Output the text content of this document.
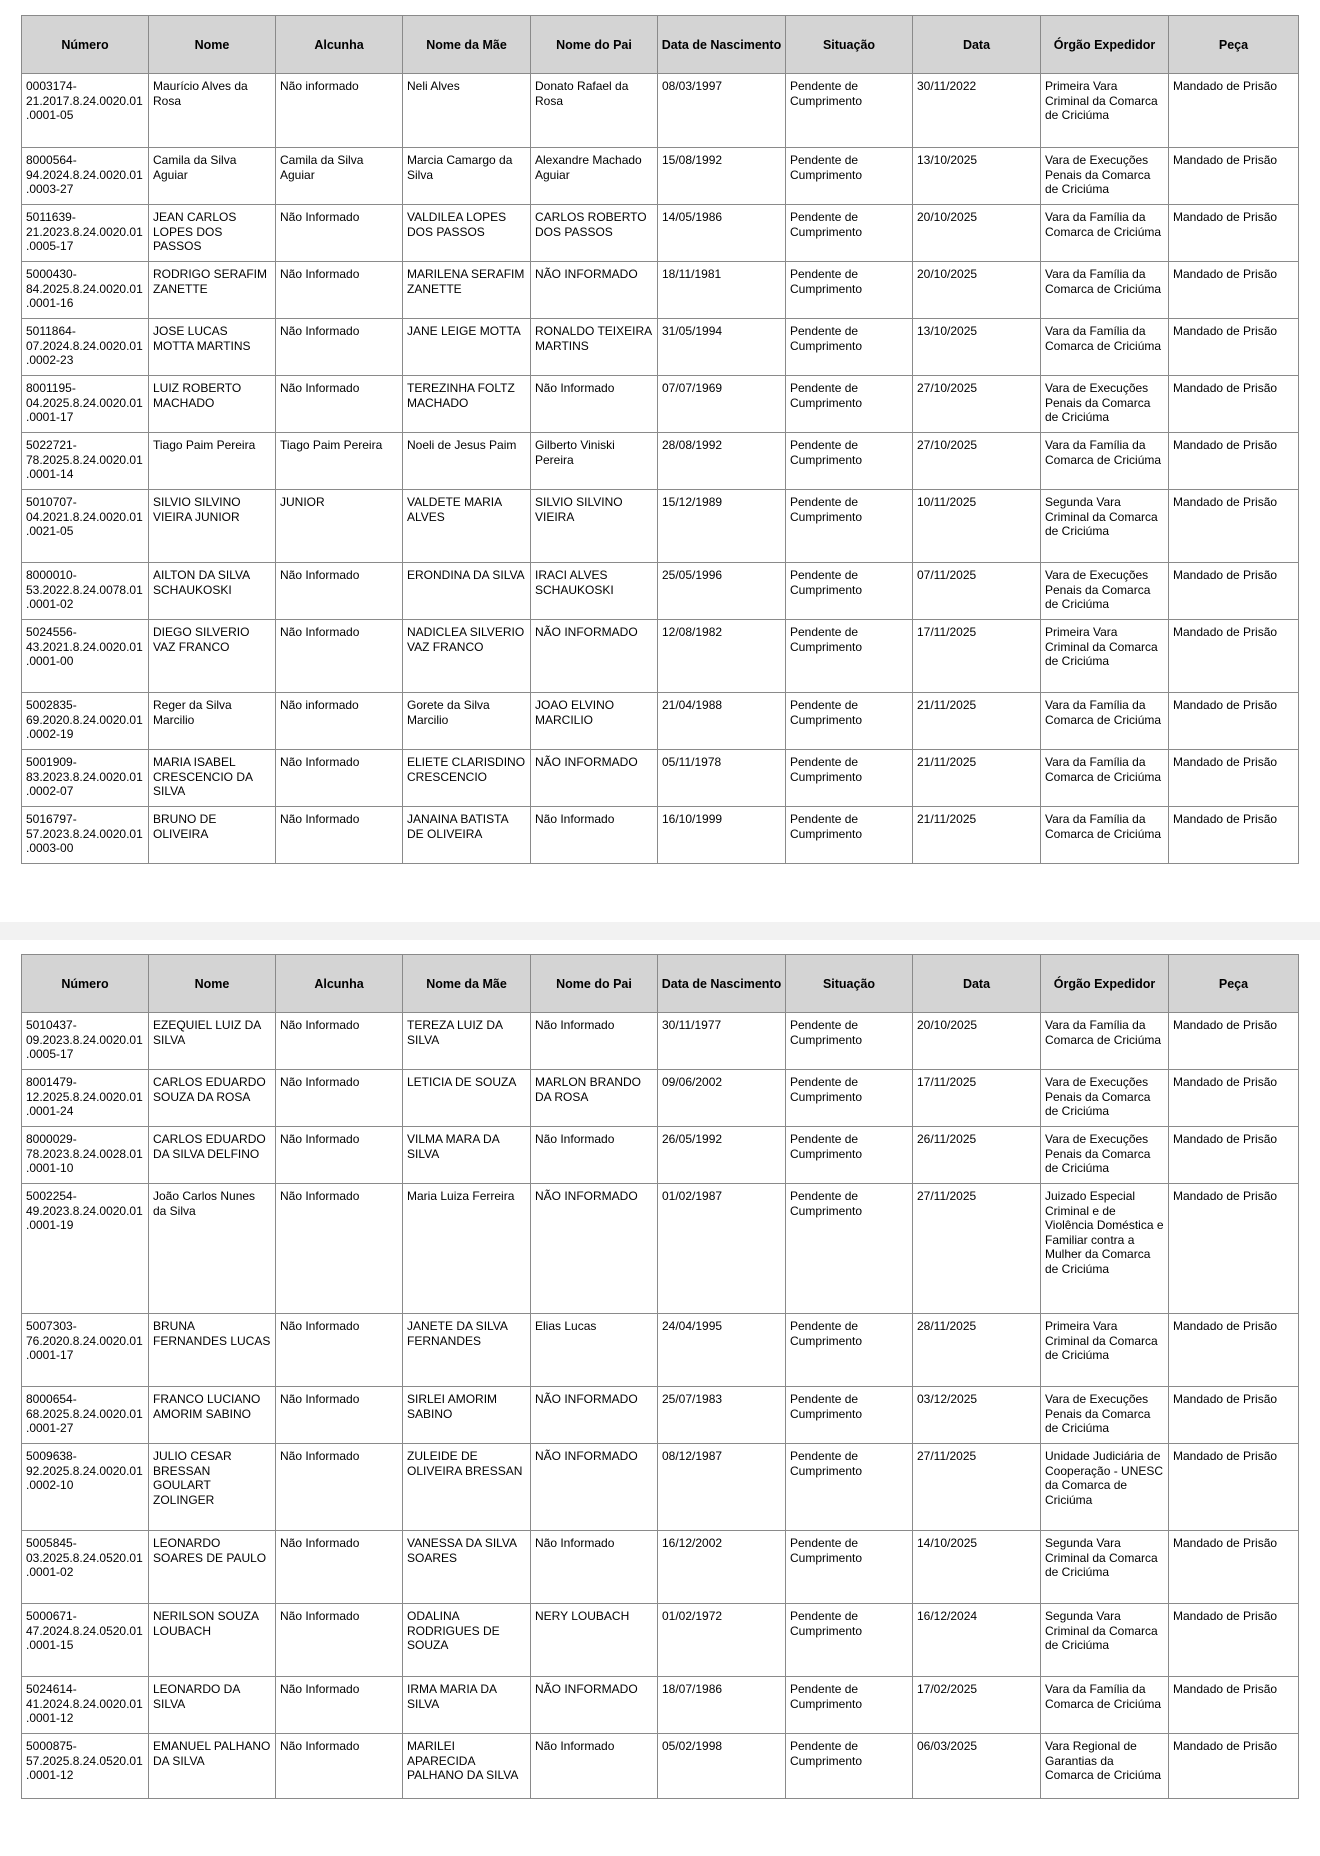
Número	Nome	Alcunha	Nome da Mãe	Nome do Pai	Data de Nascimento	Situação	Data	Órgão Expedidor	Peça
0003174-21.2017.8.24.0020.01.0001-05	Maurício Alves da Rosa	Não informado	Neli Alves	Donato Rafael da Rosa	08/03/1997	Pendente de Cumprimento	30/11/2022	Primeira Vara Criminal da Comarca de Criciúma	Mandado de Prisão
8000564-94.2024.8.24.0020.01.0003-27	Camila da Silva Aguiar	Camila da Silva Aguiar	Marcia Camargo da Silva	Alexandre Machado Aguiar	15/08/1992	Pendente de Cumprimento	13/10/2025	Vara de Execuções Penais da Comarca de Criciúma	Mandado de Prisão
5011639-21.2023.8.24.0020.01.0005-17	JEAN CARLOS LOPES DOS PASSOS	Não Informado	VALDILEA LOPES DOS PASSOS	CARLOS ROBERTO DOS PASSOS	14/05/1986	Pendente de Cumprimento	20/10/2025	Vara da Família da Comarca de Criciúma	Mandado de Prisão
5000430-84.2025.8.24.0020.01.0001-16	RODRIGO SERAFIM ZANETTE	Não Informado	MARILENA SERAFIM ZANETTE	NÃO INFORMADO	18/11/1981	Pendente de Cumprimento	20/10/2025	Vara da Família da Comarca de Criciúma	Mandado de Prisão
5011864-07.2024.8.24.0020.01.0002-23	JOSE LUCAS MOTTA MARTINS	Não Informado	JANE LEIGE MOTTA	RONALDO TEIXEIRA MARTINS	31/05/1994	Pendente de Cumprimento	13/10/2025	Vara da Família da Comarca de Criciúma	Mandado de Prisão
8001195-04.2025.8.24.0020.01.0001-17	LUIZ ROBERTO MACHADO	Não Informado	TEREZINHA FOLTZ MACHADO	Não Informado	07/07/1969	Pendente de Cumprimento	27/10/2025	Vara de Execuções Penais da Comarca de Criciúma	Mandado de Prisão
5022721-78.2025.8.24.0020.01.0001-14	Tiago Paim Pereira	Tiago Paim Pereira	Noeli de Jesus Paim	Gilberto Viniski Pereira	28/08/1992	Pendente de Cumprimento	27/10/2025	Vara da Família da Comarca de Criciúma	Mandado de Prisão
5010707-04.2021.8.24.0020.01.0021-05	SILVIO SILVINO VIEIRA JUNIOR	JUNIOR	VALDETE MARIA ALVES	SILVIO SILVINO VIEIRA	15/12/1989	Pendente de Cumprimento	10/11/2025	Segunda Vara Criminal da Comarca de Criciúma	Mandado de Prisão
8000010-53.2022.8.24.0078.01.0001-02	AILTON DA SILVA SCHAUKOSKI	Não Informado	ERONDINA DA SILVA	IRACI ALVES SCHAUKOSKI	25/05/1996	Pendente de Cumprimento	07/11/2025	Vara de Execuções Penais da Comarca de Criciúma	Mandado de Prisão
5024556-43.2021.8.24.0020.01.0001-00	DIEGO SILVERIO VAZ FRANCO	Não Informado	NADICLEA SILVERIO VAZ FRANCO	NÃO INFORMADO	12/08/1982	Pendente de Cumprimento	17/11/2025	Primeira Vara Criminal da Comarca de Criciúma	Mandado de Prisão
5002835-69.2020.8.24.0020.01.0002-19	Reger da Silva Marcilio	Não informado	Gorete da Silva Marcilio	JOAO ELVINO MARCILIO	21/04/1988	Pendente de Cumprimento	21/11/2025	Vara da Família da Comarca de Criciúma	Mandado de Prisão
5001909-83.2023.8.24.0020.01.0002-07	MARIA ISABEL CRESCENCIO DA SILVA	Não Informado	ELIETE CLARISDINO CRESCENCIO	NÃO INFORMADO	05/11/1978	Pendente de Cumprimento	21/11/2025	Vara da Família da Comarca de Criciúma	Mandado de Prisão
5016797-57.2023.8.24.0020.01.0003-00	BRUNO DE OLIVEIRA	Não Informado	JANAINA BATISTA DE OLIVEIRA	Não Informado	16/10/1999	Pendente de Cumprimento	21/11/2025	Vara da Família da Comarca de Criciúma	Mandado de Prisão
Número	Nome	Alcunha	Nome da Mãe	Nome do Pai	Data de Nascimento	Situação	Data	Órgão Expedidor	Peça
5010437-09.2023.8.24.0020.01.0005-17	EZEQUIEL LUIZ DA SILVA	Não Informado	TEREZA LUIZ DA SILVA	Não Informado	30/11/1977	Pendente de Cumprimento	20/10/2025	Vara da Família da Comarca de Criciúma	Mandado de Prisão
8001479-12.2025.8.24.0020.01.0001-24	CARLOS EDUARDO SOUZA DA ROSA	Não Informado	LETICIA DE SOUZA	MARLON BRANDO DA ROSA	09/06/2002	Pendente de Cumprimento	17/11/2025	Vara de Execuções Penais da Comarca de Criciúma	Mandado de Prisão
8000029-78.2023.8.24.0028.01.0001-10	CARLOS EDUARDO DA SILVA DELFINO	Não Informado	VILMA MARA DA SILVA	Não Informado	26/05/1992	Pendente de Cumprimento	26/11/2025	Vara de Execuções Penais da Comarca de Criciúma	Mandado de Prisão
5002254-49.2023.8.24.0020.01.0001-19	João Carlos Nunes da Silva	Não Informado	Maria Luiza Ferreira	NÃO INFORMADO	01/02/1987	Pendente de Cumprimento	27/11/2025	Juizado Especial Criminal e de Violência Doméstica e Familiar contra a Mulher da Comarca de Criciúma	Mandado de Prisão
5007303-76.2020.8.24.0020.01.0001-17	BRUNA FERNANDES LUCAS	Não Informado	JANETE DA SILVA FERNANDES	Elias Lucas	24/04/1995	Pendente de Cumprimento	28/11/2025	Primeira Vara Criminal da Comarca de Criciúma	Mandado de Prisão
8000654-68.2025.8.24.0020.01.0001-27	FRANCO LUCIANO AMORIM SABINO	Não Informado	SIRLEI AMORIM SABINO	NÃO INFORMADO	25/07/1983	Pendente de Cumprimento	03/12/2025	Vara de Execuções Penais da Comarca de Criciúma	Mandado de Prisão
5009638-92.2025.8.24.0020.01.0002-10	JULIO CESAR BRESSAN GOULART ZOLINGER	Não Informado	ZULEIDE DE OLIVEIRA BRESSAN	NÃO INFORMADO	08/12/1987	Pendente de Cumprimento	27/11/2025	Unidade Judiciária de Cooperação - UNESC da Comarca de Criciúma	Mandado de Prisão
5005845-03.2025.8.24.0520.01.0001-02	LEONARDO SOARES DE PAULO	Não Informado	VANESSA DA SILVA SOARES	Não Informado	16/12/2002	Pendente de Cumprimento	14/10/2025	Segunda Vara Criminal da Comarca de Criciúma	Mandado de Prisão
5000671-47.2024.8.24.0520.01.0001-15	NERILSON SOUZA LOUBACH	Não Informado	ODALINA RODRIGUES DE SOUZA	NERY LOUBACH	01/02/1972	Pendente de Cumprimento	16/12/2024	Segunda Vara Criminal da Comarca de Criciúma	Mandado de Prisão
5024614-41.2024.8.24.0020.01.0001-12	LEONARDO DA SILVA	Não Informado	IRMA MARIA DA SILVA	NÃO INFORMADO	18/07/1986	Pendente de Cumprimento	17/02/2025	Vara da Família da Comarca de Criciúma	Mandado de Prisão
5000875-57.2025.8.24.0520.01.0001-12	EMANUEL PALHANO DA SILVA	Não Informado	MARILEI APARECIDA PALHANO DA SILVA	Não Informado	05/02/1998	Pendente de Cumprimento	06/03/2025	Vara Regional de Garantias da Comarca de Criciúma	Mandado de Prisão
